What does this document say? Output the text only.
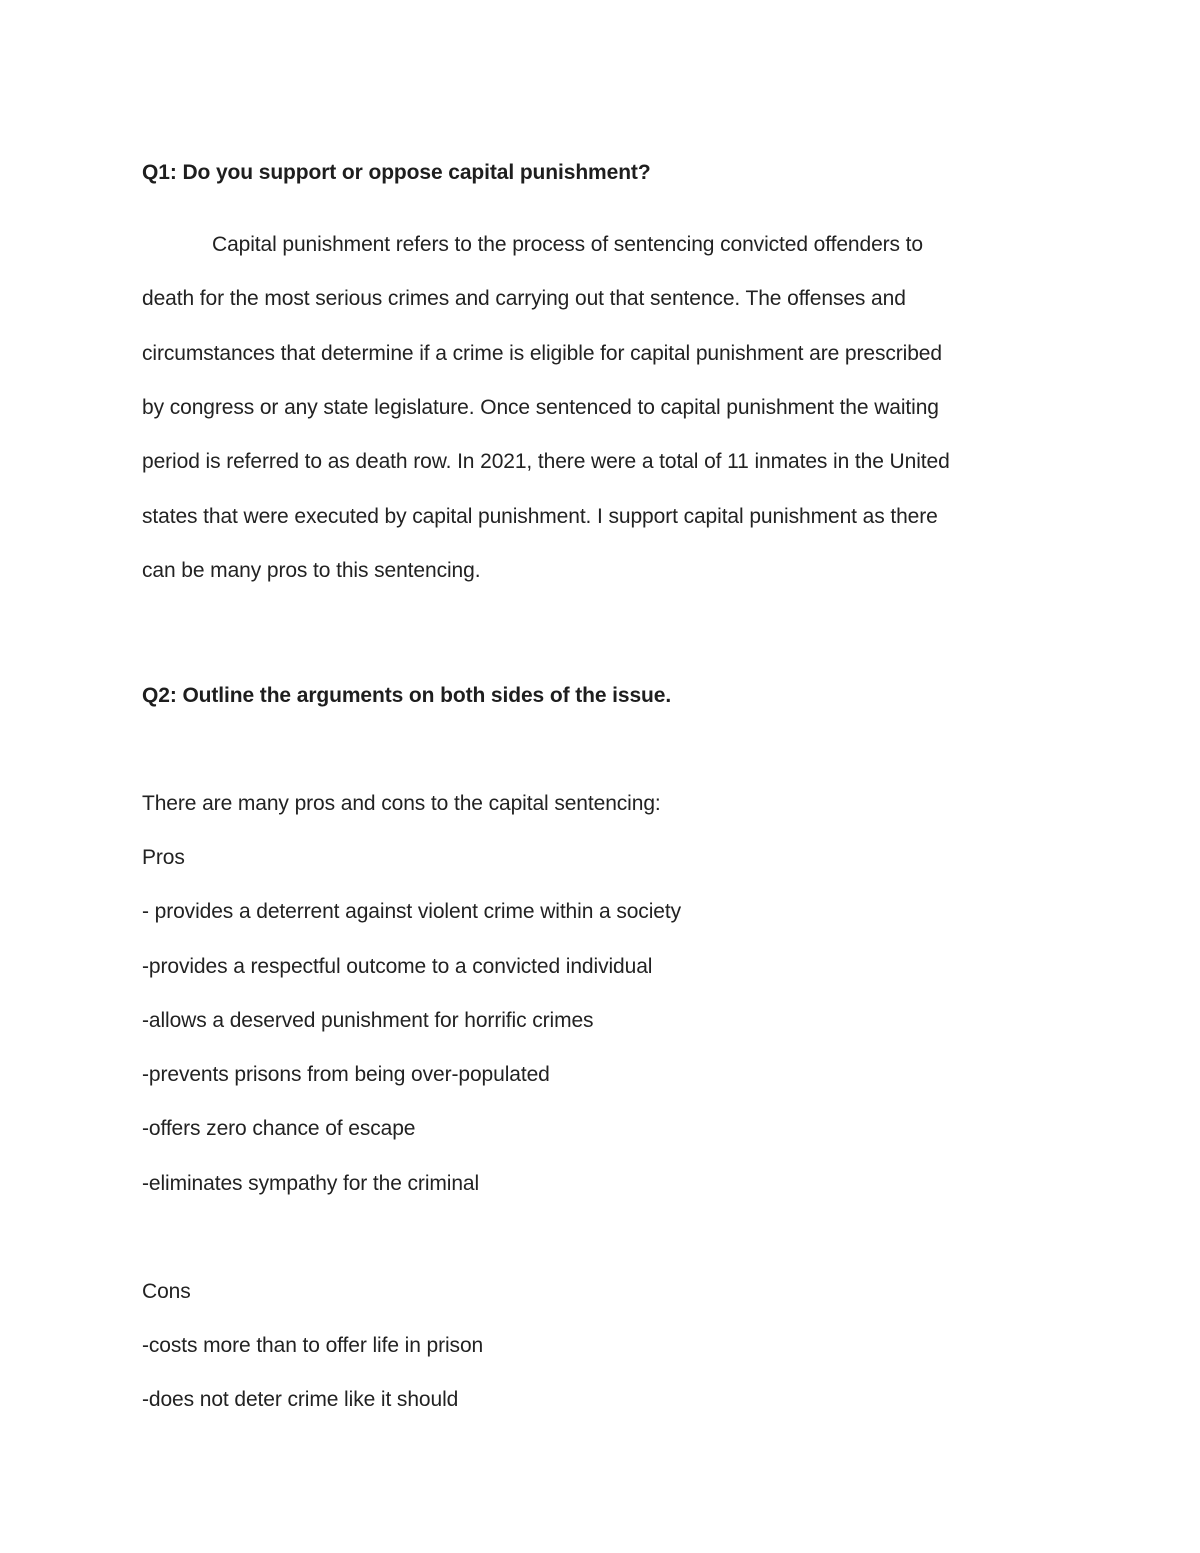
Q1: Do you support or oppose capital punishment?
Capital punishment refers to the process of sentencing convicted offenders to
death for the most serious crimes and carrying out that sentence. The offenses and
circumstances that determine if a crime is eligible for capital punishment are prescribed
by congress or any state legislature. Once sentenced to capital punishment the waiting
period is referred to as death row. In 2021, there were a total of 11 inmates in the United
states that were executed by capital punishment. I support capital punishment as there
can be many pros to this sentencing.
Q2: Outline the arguments on both sides of the issue.
There are many pros and cons to the capital sentencing:
Pros
- provides a deterrent against violent crime within a society
-provides a respectful outcome to a convicted individual
-allows a deserved punishment for horrific crimes
-prevents prisons from being over-populated
-offers zero chance of escape
-eliminates sympathy for the criminal
Cons
-costs more than to offer life in prison
-does not deter crime like it should
